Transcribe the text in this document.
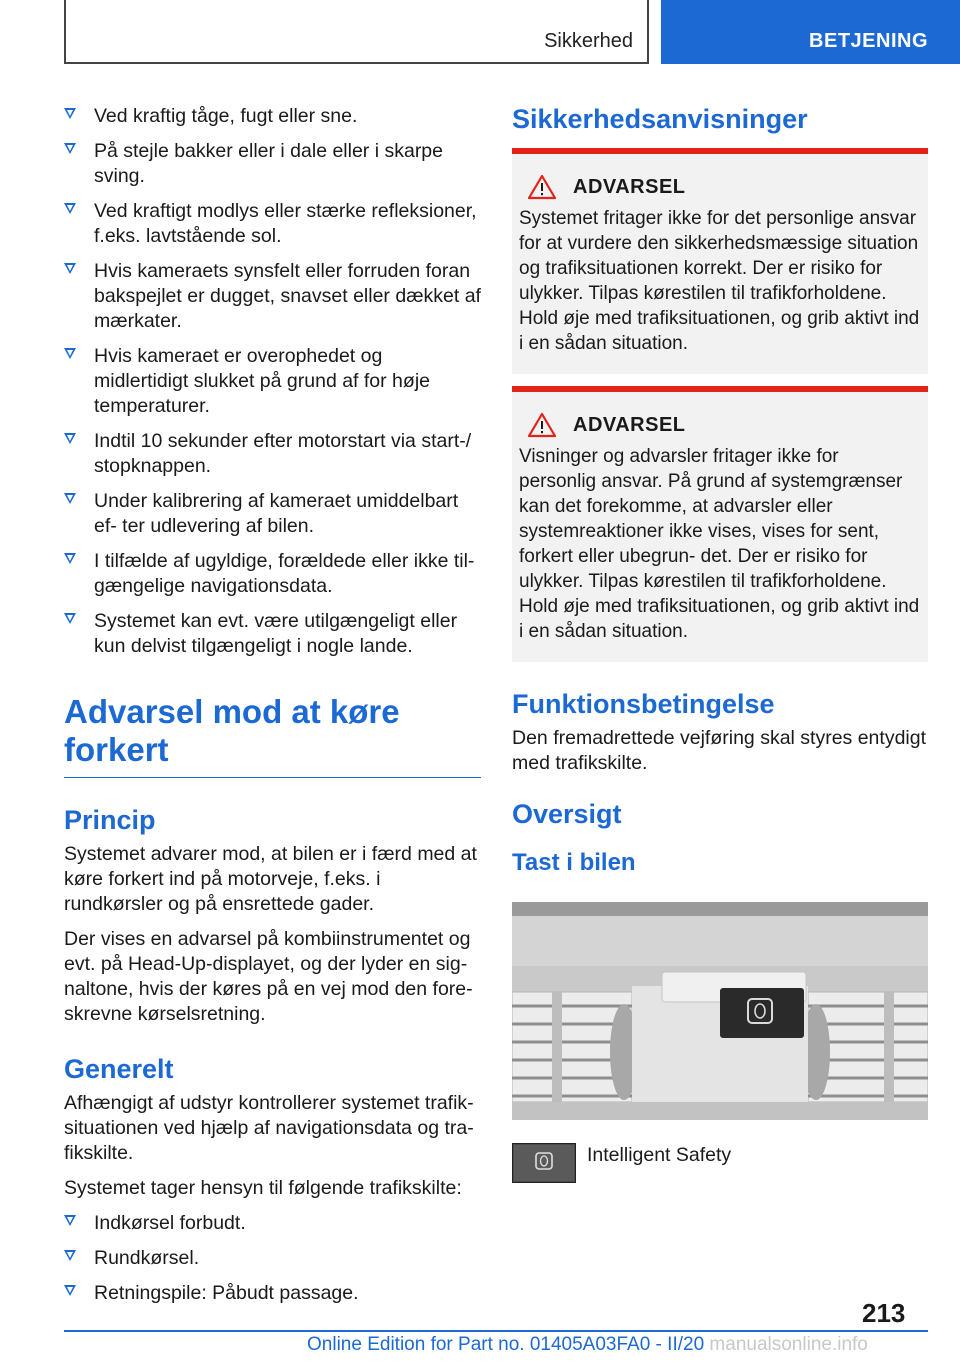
Sikkerhed	BETJENING
Ved kraftig tåge, fugt eller sne.
På stejle bakker eller i dale eller i skarpe sving.
Ved kraftigt modlys eller stærke refleksioner, f.eks. lavtstående sol.
Hvis kameraets synsfelt eller forruden foran bakspejlet er dugget, snavset eller dækket af mærkater.
Hvis kameraet er overophedet og midlertidigt slukket på grund af for høje temperaturer.
Indtil 10 sekunder efter motorstart via start-/ stopknappen.
Under kalibrering af kameraet umiddelbart ef- ter udlevering af bilen.
I tilfælde af ugyldige, forældede eller ikke til- gængelige navigationsdata.
Systemet kan evt. være utilgængeligt eller kun delvist tilgængeligt i nogle lande.
Advarsel mod at køre forkert
Princip

Systemet advarer mod, at bilen er i færd med at køre forkert ind på motorveje, f.eks. i rundkørsler og på ensrettede gader.

Der vises en advarsel på kombiinstrumentet og evt. på Head-Up-displayet, og der lyder en sig- naltone, hvis der køres på en vej mod den fore- skrevne kørselsretning.

Generelt

Afhængigt af udstyr kontrollerer systemet trafik- situationen ved hjælp af navigationsdata og tra- fikskilte.

Systemet tager hensyn til følgende trafikskilte:

Indkørsel forbudt.
Rundkørsel.
Retningspile: Påbudt passage.
Sikkerhedsanvisninger
ADVARSEL

Systemet fritager ikke for det personlige ansvar for at vurdere den sikkerhedsmæssige situation og trafiksituationen korrekt. Der er risiko for ulykker. Tilpas kørestilen til trafikforholdene. Hold øje med trafiksituationen, og grib aktivt ind i en sådan situation.

ADVARSEL

Visninger og advarsler fritager ikke for personlig ansvar. På grund af systemgrænser kan det forekomme, at advarsler eller systemreaktioner ikke vises, vises for sent, forkert eller ubegrun- det. Der er risiko for ulykker. Tilpas kørestilen til trafikforholdene. Hold øje med trafiksituationen, og grib aktivt ind i en sådan situation.

Funktionsbetingelse

Den fremadrettede vejføring skal styres entydigt med trafikskilte.

Oversigt
Tast i bilen
Intelligent Safety
213
Online Edition for Part no. 01405A03FA0 - II/20 manualsonline.info
